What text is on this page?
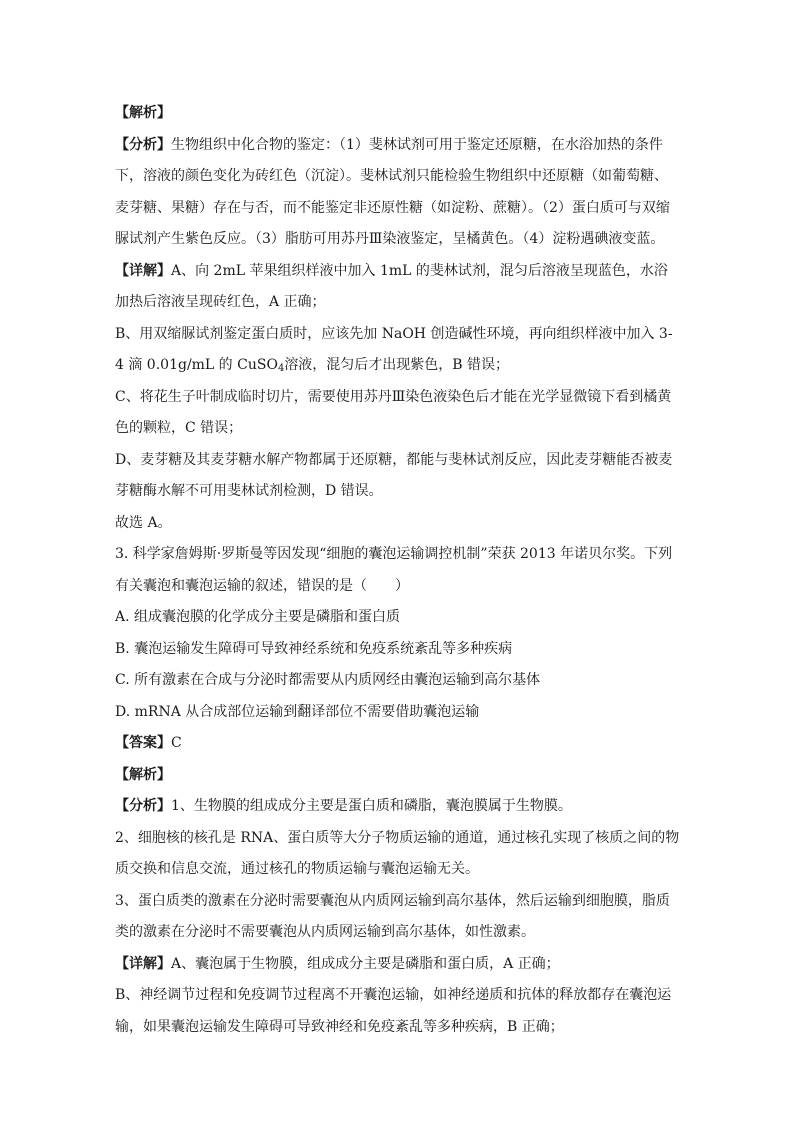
【解析】

【分析】生物组织中化合物的鉴定：（1）斐林试剂可用于鉴定还原糖，在水浴加热的条件下，溶液的颜色变化为砖红色（沉淀）。斐林试剂只能检验生物组织中还原糖（如葡萄糖、麦芽糖、果糖）存在与否，而不能鉴定非还原性糖（如淀粉、蔗糖）。（2）蛋白质可与双缩脲试剂产生紫色反应。（3）脂肪可用苏丹Ⅲ染液鉴定，呈橘黄色。（4）淀粉遇碘液变蓝。

【详解】A、向 2mL 苹果组织样液中加入 1mL 的斐林试剂，混匀后溶液呈现蓝色，水浴加热后溶液呈现砖红色，A 正确；

B、用双缩脲试剂鉴定蛋白质时，应该先加 NaOH 创造碱性环境，再向组织样液中加入 3-4 滴 0.01g/mL 的 CuSO$_4$溶液，混匀后才出现紫色，B 错误；

C、将花生子叶制成临时切片，需要使用苏丹Ⅲ染色液染色后才能在光学显微镜下看到橘黄色的颗粒，C 错误；

D、麦芽糖及其麦芽糖水解产物都属于还原糖，都能与斐林试剂反应，因此麦芽糖能否被麦芽糖酶水解不可用斐林试剂检测，D 错误。

故选 A。

3. 科学家詹姆斯·罗斯曼等因发现“细胞的囊泡运输调控机制”荣获 2013 年诺贝尔奖。下列有关囊泡和囊泡运输的叙述，错误的是（　　）

A. 组成囊泡膜的化学成分主要是磷脂和蛋白质

B. 囊泡运输发生障碍可导致神经系统和免疫系统紊乱等多种疾病

C. 所有激素在合成与分泌时都需要从内质网经由囊泡运输到高尔基体

D. mRNA 从合成部位运输到翻译部位不需要借助囊泡运输

【答案】C

【解析】

【分析】1、生物膜的组成成分主要是蛋白质和磷脂，囊泡膜属于生物膜。

2、细胞核的核孔是 RNA、蛋白质等大分子物质运输的通道，通过核孔实现了核质之间的物质交换和信息交流，通过核孔的物质运输与囊泡运输无关。

3、蛋白质类的激素在分泌时需要囊泡从内质网运输到高尔基体，然后运输到细胞膜，脂质类的激素在分泌时不需要囊泡从内质网运输到高尔基体，如性激素。

【详解】A、囊泡属于生物膜，组成成分主要是磷脂和蛋白质，A 正确；

B、神经调节过程和免疫调节过程离不开囊泡运输，如神经递质和抗体的释放都存在囊泡运输，如果囊泡运输发生障碍可导致神经和免疫紊乱等多种疾病，B 正确；
